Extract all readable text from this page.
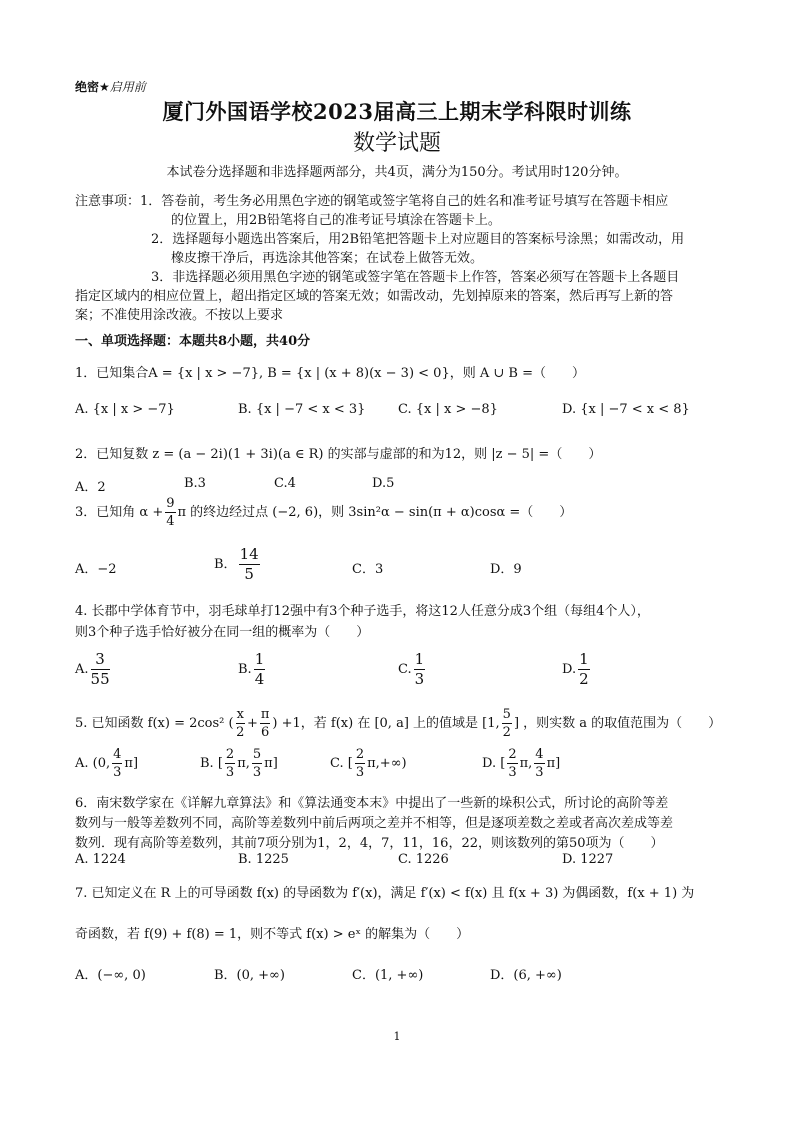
绝密★启用前
厦门外国语学校2023届高三上期末学科限时训练
数学试题
本试卷分选择题和非选择题两部分，共4页，满分为150分。考试用时120分钟。
注意事项：1．答卷前，考生务必用黑色字迹的钢笔或签字笔将自己的姓名和准考证号填写在答题卡相应
的位置上，用2B铅笔将自己的准考证号填涂在答题卡上。
2．选择题每小题选出答案后，用2B铅笔把答题卡上对应题目的答案标号涂黑；如需改动，用
橡皮擦干净后，再选涂其他答案；在试卷上做答无效。
3．非选择题必须用黑色字迹的钢笔或签字笔在答题卡上作答，答案必须写在答题卡上各题目
指定区域内的相应位置上，超出指定区域的答案无效；如需改动，先划掉原来的答案，然后再写上新的答
案；不准使用涂改液。不按以上要求
一、单项选择题：本题共8小题，共40分
1．已知集合A = {x | x > −7}, B = {x | (x + 8)(x − 3) < 0}，则 A ∪ B =（　　）
A. {x | x > −7}	B. {x | −7 < x < 3}	C. {x | x > −8}	D. {x | −7 < x < 8}
2．已知复数 z = (a − 2i)(1 + 3i)(a ∈ R) 的实部与虚部的和为12，则 |z − 5| =（　　）
A．2	B.3	C.4	D.5
3．已知角 $\alpha + \frac{9}{4}$ π 的终边经过点 (−2, 6)，则 3sin²α − sin(π + α)cosα =（　　）
A．−2	B． $\frac{14}{5}$	C．3	D．9
4. 长郡中学体育节中，羽毛球单打12强中有3个种子选手，将这12人任意分成3个组（每组4个人），
则3个种子选手恰好被分在同一组的概率为（　　）
A. $\frac{3}{55}$	B. $\frac{1}{4}$	C. $\frac{1}{3}$	D. $\frac{1}{2}$
5. 已知函数 f(x) = 2cos² ( $\frac{x}{2} + \frac{\pi}{6}$ ) +1，若 f(x) 在 [0, a] 上的值域是 [1, $\frac{5}{2}$ ] ，则实数 a 的取值范围为（　　）
A. (0, $\frac{4}{3} \pi$]	B. [ $\frac{2}{3} \pi$, $\frac{5}{3} \pi$]	C. [ $\frac{2}{3} \pi,+\infty$)	D. [ $\frac{2}{3} \pi$, $\frac{4}{3} \pi$]
6．南宋数学家在《详解九章算法》和《算法通变本末》中提出了一些新的垛积公式，所讨论的高阶等差
数列与一般等差数列不同，高阶等差数列中前后两项之差并不相等，但是逐项差数之差或者高次差成等差
数列．现有高阶等差数列，其前7项分别为1，2，4，7，11，16，22，则该数列的第50项为（　　）
A. 1224	B. 1225	C. 1226	D. 1227
7. 已知定义在 R 上的可导函数 f(x) 的导函数为 f′(x)，满足 f′(x) < f(x) 且 f(x + 3) 为偶函数，f(x + 1) 为
奇函数，若 f(9) + f(8) = 1，则不等式 f(x) > eˣ 的解集为（　　）
A．(−∞, 0)	B．(0, +∞)	C．(1, +∞)	D．(6, +∞)
1
